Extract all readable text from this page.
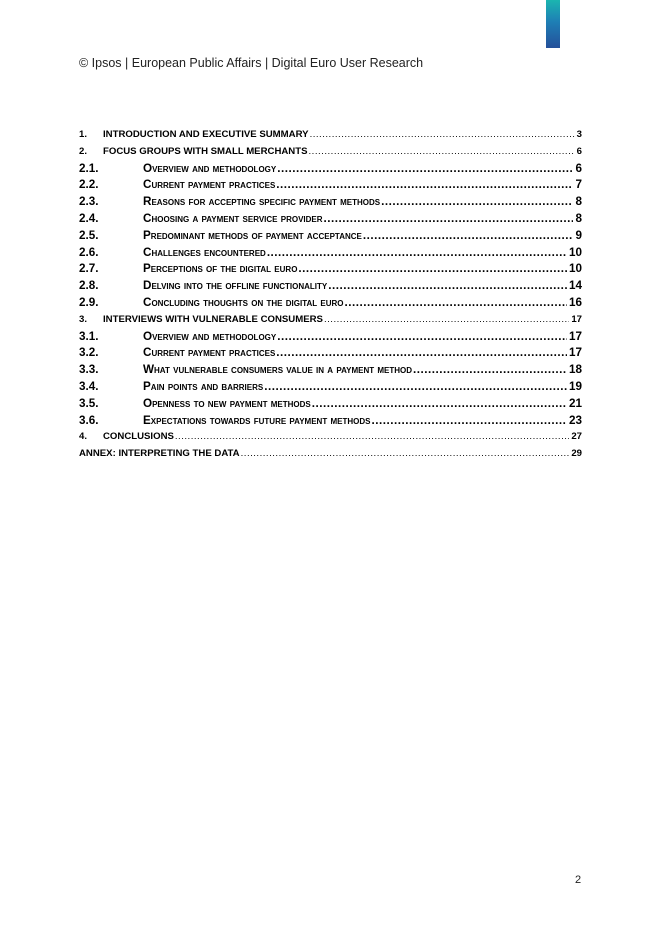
© Ipsos | European Public Affairs | Digital Euro User Research
1.	INTRODUCTION AND EXECUTIVE SUMMARY .....	3
2.	FOCUS GROUPS WITH SMALL MERCHANTS .....	6
2.1.	Overview and methodology .....	6
2.2.	Current payment practices .....	7
2.3.	Reasons for accepting specific payment methods .....	8
2.4.	Choosing a payment service provider .....	8
2.5.	Predominant methods of payment acceptance .....	9
2.6.	Challenges encountered .....	10
2.7.	Perceptions of the digital euro .....	10
2.8.	Delving into the offline functionality .....	14
2.9.	Concluding thoughts on the digital euro .....	16
3.	INTERVIEWS WITH VULNERABLE CONSUMERS .....	17
3.1.	Overview and methodology .....	17
3.2.	Current payment practices .....	17
3.3.	What vulnerable consumers value in a payment method .....	18
3.4.	Pain points and barriers .....	19
3.5.	Openness to new payment methods .....	21
3.6.	Expectations towards future payment methods .....	23
4.	CONCLUSIONS .....	27
ANNEX: INTERPRETING THE DATA .....	29
2
